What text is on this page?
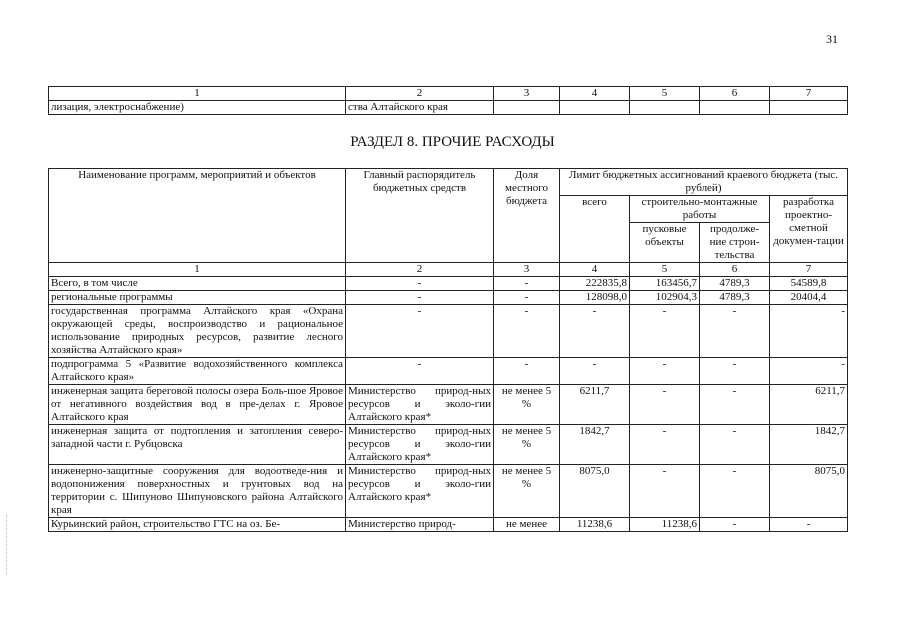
31
1	2	3	4	5	6	7
лизация, электроснабжение)	ства Алтайского края					
РАЗДЕЛ 8. ПРОЧИЕ РАСХОДЫ
Наименование программ, мероприятий и объектов	Главный распорядитель бюджетных средств	Доля местного бюджета	Лимит бюджетных ассигнований краевого бюджета (тыс. рублей)			
			всего	строительно-монтажные работы		разработка проектно-сметной докумен-тации
				пусковые объекты	продолже-ние строи-тельства	
1	2	3	4	5	6	7
Всего, в том числе	-	-	222835,8	163456,7	4789,3	54589,8
региональные программы	-	-	128098,0	102904,3	4789,3	20404,4
государственная программа Алтайского края «Охрана окружающей среды, воспроизводство и рациональное использование природных ресурсов, развитие лесного хозяйства Алтайского края»	-	-	-	-	-	-
подпрограмма 5 «Развитие водохозяйственного комплекса Алтайского края»	-	-	-	-	-	-
инженерная защита береговой полосы озера Боль-шое Яровое от негативного воздействия вод в пре-делах г. Яровое Алтайского края	Министерство природ-ных ресурсов и эколо-гии Алтайского края*	не менее 5 %	6211,7	-	-	6211,7
инженерная защита от подтопления и затопления северо-западной части г. Рубцовска	Министерство природ-ных ресурсов и эколо-гии Алтайского края*	не менее 5 %	1842,7	-	-	1842,7
инженерно-защитные сооружения для водоотведе-ния и водопонижения поверхностных и грунтовых вод на территории с. Шипуново Шипуновского района Алтайского края	Министерство природ-ных ресурсов и эколо-гии Алтайского края*	не менее 5 %	8075,0	-	-	8075,0
Курьинский район, строительство ГТС на оз. Бе-	Министерство природ-	не менее	11238,6	11238,6	-	-
